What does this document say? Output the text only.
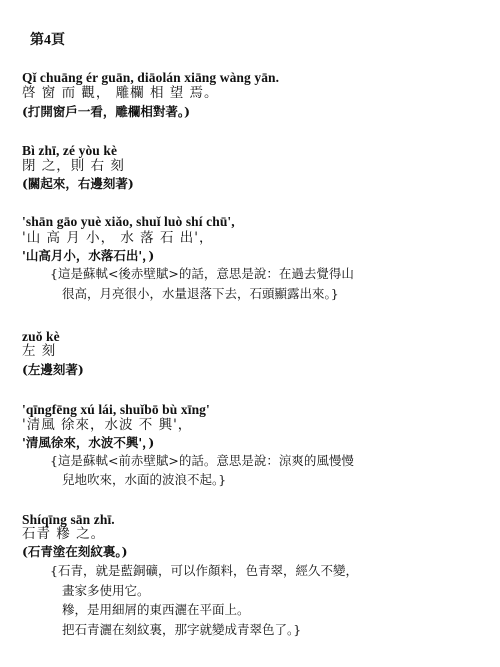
第4頁
Qǐ chuāng ér guān, diāolán xiāng wàng yān.
啓 窗 而 觀， 雕欄 相 望 焉。
(打開窗戶一看，雕欄相對著。)
Bì zhī, zé yòu kè
閉 之，則 右 刻
(關起來，右邊刻著)
'shān gāo yuè xiǎo, shuǐ luò shí chū',
'山 高 月 小， 水 落 石 出'，
'山高月小，水落石出'，)
{這是蘇軾<後赤壁賦>的話，意思是說：在過去覺得山
很高，月亮很小，水量退落下去，石頭顯露出來。}
zuǒ kè
左 刻
(左邊刻著)
'qīngfēng xú lái, shuǐbō bù xīng'
'清風 徐來，水波 不 興'，
'清風徐來，水波不興'，)
{這是蘇軾<前赤壁賦>的話。意思是說：涼爽的風慢慢
兒地吹來，水面的波浪不起。}
Shíqīng sān zhī.
石青 糝 之。
(石青塗在刻紋裏。)
{石青，就是藍銅礦，可以作顏料，色青翠，經久不變，
畫家多使用它。
糝，是用細屑的東西灑在平面上。
把石青灑在刻紋裏，那字就變成青翠色了。}
